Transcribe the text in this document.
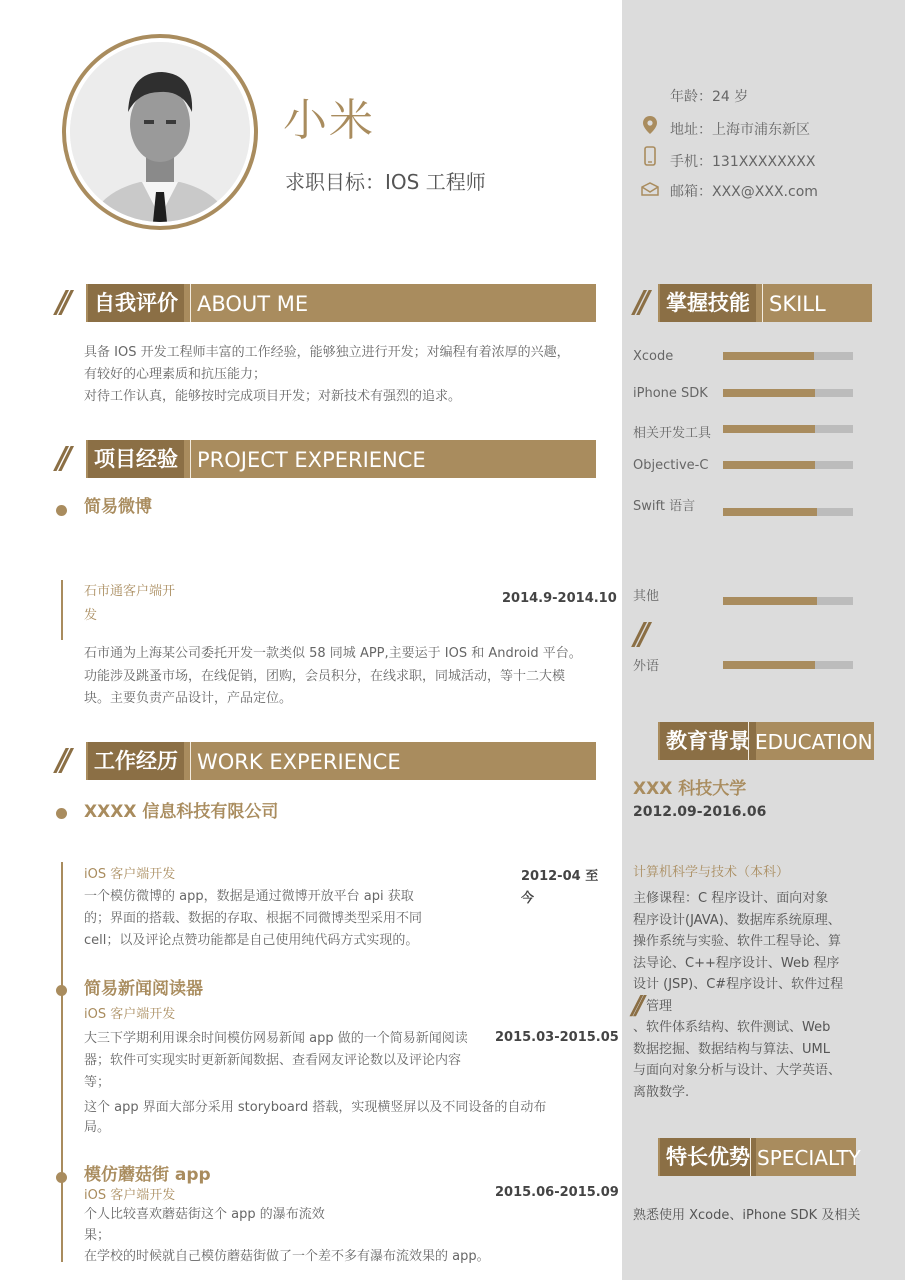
小米
求职目标：IOS 工程师
年龄：24 岁
地址：上海市浦东新区
手机：131XXXXXXXX
邮箱：XXX@XXX.com
// 自我评价 ABOUT ME
具备 IOS 开发工程师丰富的工作经验，能够独立进行开发；对编程有着浓厚的兴趣，
有较好的心理素质和抗压能力；
对待工作认真，能够按时完成项目开发；对新技术有强烈的追求。
// 项目经验 PROJECT EXPERIENCE
简易微博
石市通客户端开
发
2014.9-2014.10
石市通为上海某公司委托开发一款类似 58 同城 APP,主要运于 IOS 和 Android 平台。
功能涉及跳蚤市场，在线促销，团购，会员积分，在线求职，同城活动，等十二大模
块。主要负责产品设计，产品定位。
// 工作经历 WORK EXPERIENCE
XXXX 信息科技有限公司
iOS 客户端开发	2012-04 至
今
一个模仿微博的 app，数据是通过微博开放平台 api 获取
的；界面的搭载、数据的存取、根据不同微博类型采用不同
cell；以及评论点赞功能都是自己使用纯代码方式实现的。
简易新闻阅读器
iOS 客户端开发
2015.03-2015.05
大三下学期利用课余时间模仿网易新闻 app 做的一个简易新闻阅读
器；软件可实现实时更新新闻数据、查看网友评论数以及评论内容
等；
这个 app 界面大部分采用 storyboard 搭载，实现横竖屏以及不同设备的自动布
局。
模仿蘑菇街 app
iOS 客户端开发	2015.06-2015.09
个人比较喜欢蘑菇街这个 app 的瀑布流效
果；
在学校的时候就自己模仿蘑菇街做了一个差不多有瀑布流效果的 app。
// 掌握技能 SKILL
Xcode
iPhone SDK
相关开发工具
Objective-C
Swift 语言
其他
//
外语
教育背景 EDUCATION
XXX 科技大学
2012.09-2016.06
计算机科学与技术（本科）
主修课程：C 程序设计、面向对象
程序设计(JAVA)、数据库系统原理、
操作系统与实验、软件工程导论、算
法导论、C++程序设计、Web 程序
设计 (JSP)、C#程序设计、软件过程
管理
、软件体系结构、软件测试、Web
数据挖掘、数据结构与算法、UML
与面向对象分析与设计、大学英语、
离散数学.
//
特长优势 SPECIALTY
熟悉使用 Xcode、iPhone SDK 及相关
